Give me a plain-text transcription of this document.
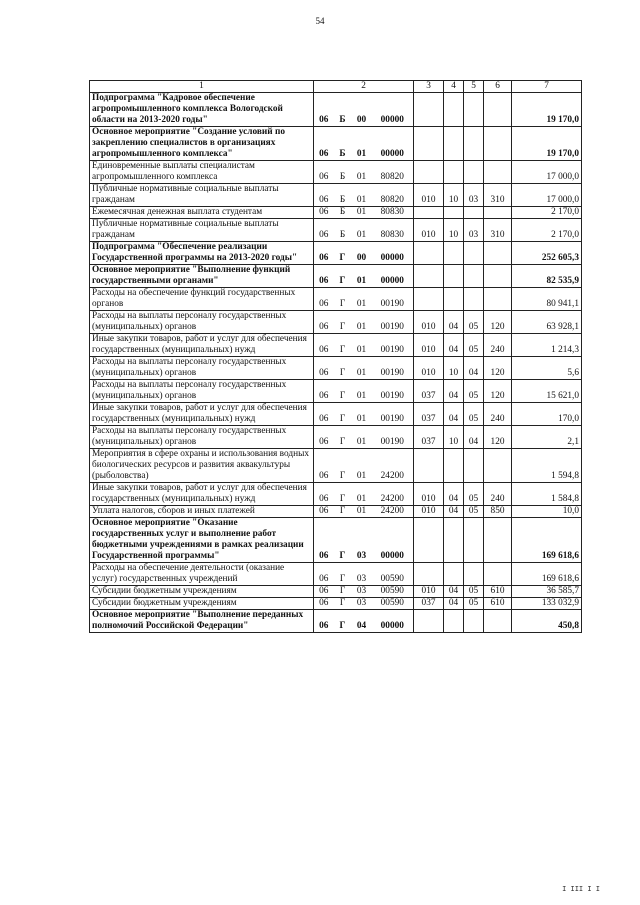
54
1	2				3	4	5	6	7
Подпрограмма "Кадровое обеспечение агропромышленного комплекса Вологодской области на 2013-2020 годы"	06	Б	00	00000					19 170,0
Основное мероприятие "Создание условий по закреплению специалистов в организациях агропромышленного комплекса"	06	Б	01	00000					19 170,0
Единовременные выплаты специалистам агропромышленного комплекса	06	Б	01	80820					17 000,0
Публичные нормативные социальные выплаты гражданам	06	Б	01	80820	010	10	03	310	17 000,0
Ежемесячная денежная выплата студентам	06	Б	01	80830					2 170,0
Публичные нормативные социальные выплаты гражданам	06	Б	01	80830	010	10	03	310	2 170,0
Подпрограмма "Обеспечение реализации Государственной программы на 2013-2020 годы"	06	Г	00	00000					252 605,3
Основное мероприятие "Выполнение функций государственными органами"	06	Г	01	00000					82 535,9
Расходы на обеспечение функций государственных органов	06	Г	01	00190					80 941,1
Расходы на выплаты персоналу государственных (муниципальных) органов	06	Г	01	00190	010	04	05	120	63 928,1
Иные закупки товаров, работ и услуг для обеспечения государственных (муниципальных) нужд	06	Г	01	00190	010	04	05	240	1 214,3
Расходы на выплаты персоналу государственных (муниципальных) органов	06	Г	01	00190	010	10	04	120	5,6
Расходы на выплаты персоналу государственных (муниципальных) органов	06	Г	01	00190	037	04	05	120	15 621,0
Иные закупки товаров, работ и услуг для обеспечения государственных (муниципальных) нужд	06	Г	01	00190	037	04	05	240	170,0
Расходы на выплаты персоналу государственных (муниципальных) органов	06	Г	01	00190	037	10	04	120	2,1
Мероприятия в сфере охраны и использования водных биологических ресурсов и развития аквакультуры (рыболовства)	06	Г	01	24200					1 594,8
Иные закупки товаров, работ и услуг для обеспечения государственных (муниципальных) нужд	06	Г	01	24200	010	04	05	240	1 584,8
Уплата налогов, сборов и иных платежей	06	Г	01	24200	010	04	05	850	10,0
Основное мероприятие "Оказание государственных услуг и выполнение работ бюджетными учреждениями в рамках реализации Государственной программы"	06	Г	03	00000					169 618,6
Расходы на обеспечение деятельности (оказание услуг) государственных учреждений	06	Г	03	00590					169 618,6
Субсидии бюджетным учреждениям	06	Г	03	00590	010	04	05	610	36 585,7
Субсидии бюджетным учреждениям	06	Г	03	00590	037	04	05	610	133 032,9
Основное мероприятие "Выполнение переданных полномочий Российской Федерации"	06	Г	04	00000					450,8
I III I I
